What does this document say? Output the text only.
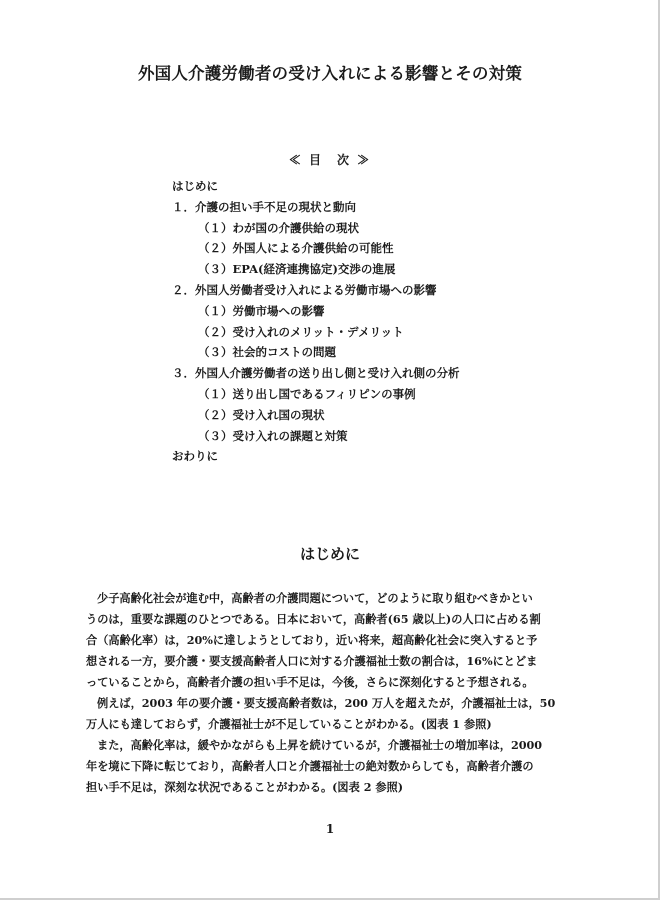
外国人介護労働者の受け入れによる影響とその対策
≪ 目　次 ≫
はじめに
１．介護の担い手不足の現状と動向
（１）わが国の介護供給の現状
（２）外国人による介護供給の可能性
（３）EPA(経済連携協定)交渉の進展
２．外国人労働者受け入れによる労働市場への影響
（１）労働市場への影響
（２）受け入れのメリット・デメリット
（３）社会的コストの問題
３．外国人介護労働者の送り出し側と受け入れ側の分析
（１）送り出し国であるフィリピンの事例
（２）受け入れ国の現状
（３）受け入れの課題と対策
おわりに
はじめに
少子高齢化社会が進む中，高齢者の介護問題について，どのように取り組むべきかとい
うのは，重要な課題のひとつである。日本において，高齢者(65 歳以上)の人口に占める割
合（高齢化率）は，20%に達しようとしており，近い将来，超高齢化社会に突入すると予
想される一方，要介護・要支援高齢者人口に対する介護福祉士数の割合は，16%にとどま
っていることから，高齢者介護の担い手不足は，今後，さらに深刻化すると予想される。
例えば，2003 年の要介護・要支援高齢者数は，200 万人を超えたが，介護福祉士は，50
万人にも達しておらず，介護福祉士が不足していることがわかる。(図表 1 参照)
また，高齢化率は，緩やかながらも上昇を続けているが，介護福祉士の増加率は，2000
年を境に下降に転じており，高齢者人口と介護福祉士の絶対数からしても，高齢者介護の
担い手不足は，深刻な状況であることがわかる。(図表 2 参照)
1
